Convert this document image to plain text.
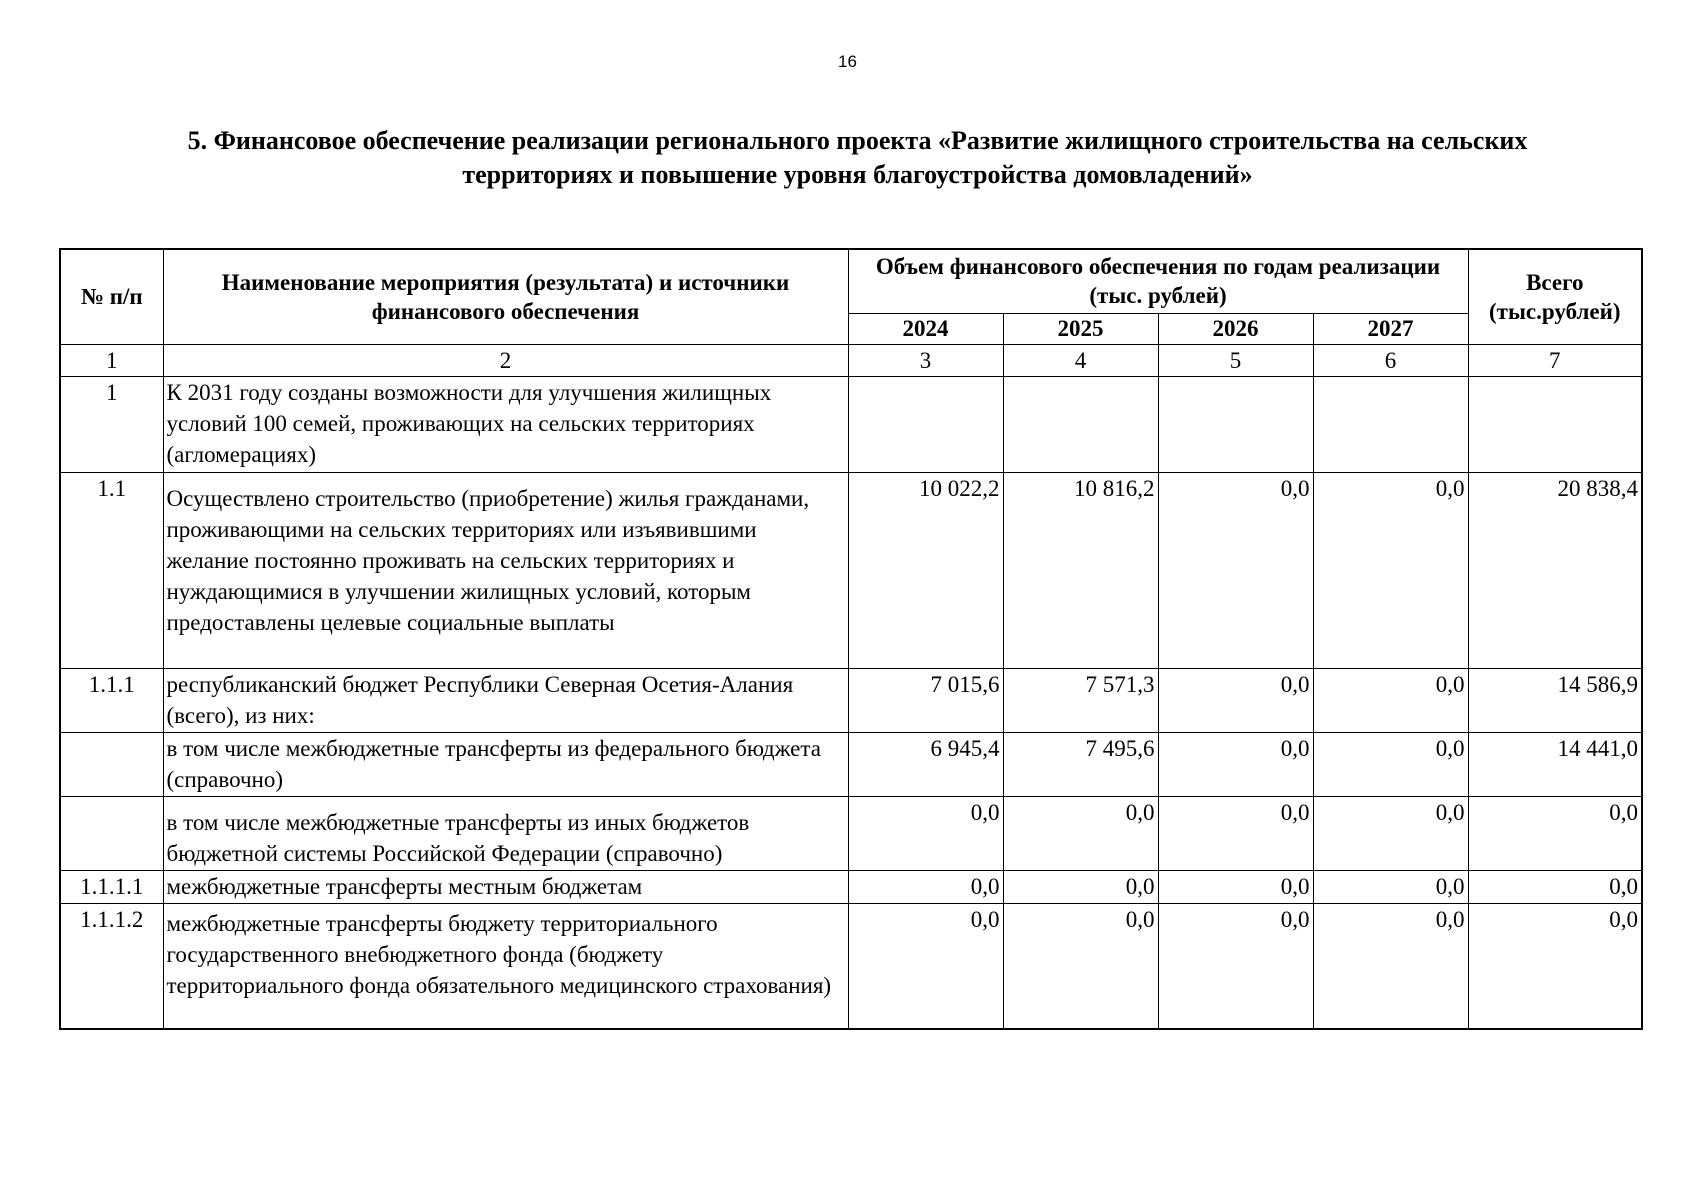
16
5. Финансовое обеспечение реализации регионального проекта «Развитие жилищного строительства на сельских
территориях и повышение уровня благоустройства домовладений»
№ п/п	Наименование мероприятия (результата) и источники финансового обеспечения	Объем финансового обеспечения по годам реализации (тыс. рублей)				Всего (тыс.рублей)
		2024	2025	2026	2027	
1	2	3	4	5	6	7
1	К 2031 году созданы возможности для улучшения жилищных условий 100 семей, проживающих на сельских территориях (агломерациях)					
1.1	Осуществлено строительство (приобретение) жилья гражданами, проживающими на сельских территориях или изъявившими желание постоянно проживать на сельских территориях и нуждающимися в улучшении жилищных условий, которым предоставлены целевые социальные выплаты	10 022,2	10 816,2	0,0	0,0	20 838,4
1.1.1	республиканский бюджет Республики Северная Осетия-Алания (всего), из них:	7 015,6	7 571,3	0,0	0,0	14 586,9
	в том числе межбюджетные трансферты из федерального бюджета (справочно)	6 945,4	7 495,6	0,0	0,0	14 441,0
	в том числе межбюджетные трансферты из иных бюджетов бюджетной системы Российской Федерации (справочно)	0,0	0,0	0,0	0,0	0,0
1.1.1.1	межбюджетные трансферты местным бюджетам	0,0	0,0	0,0	0,0	0,0
1.1.1.2	межбюджетные трансферты бюджету территориального государственного внебюджетного фонда (бюджету территориального фонда обязательного медицинского страхования)	0,0	0,0	0,0	0,0	0,0
